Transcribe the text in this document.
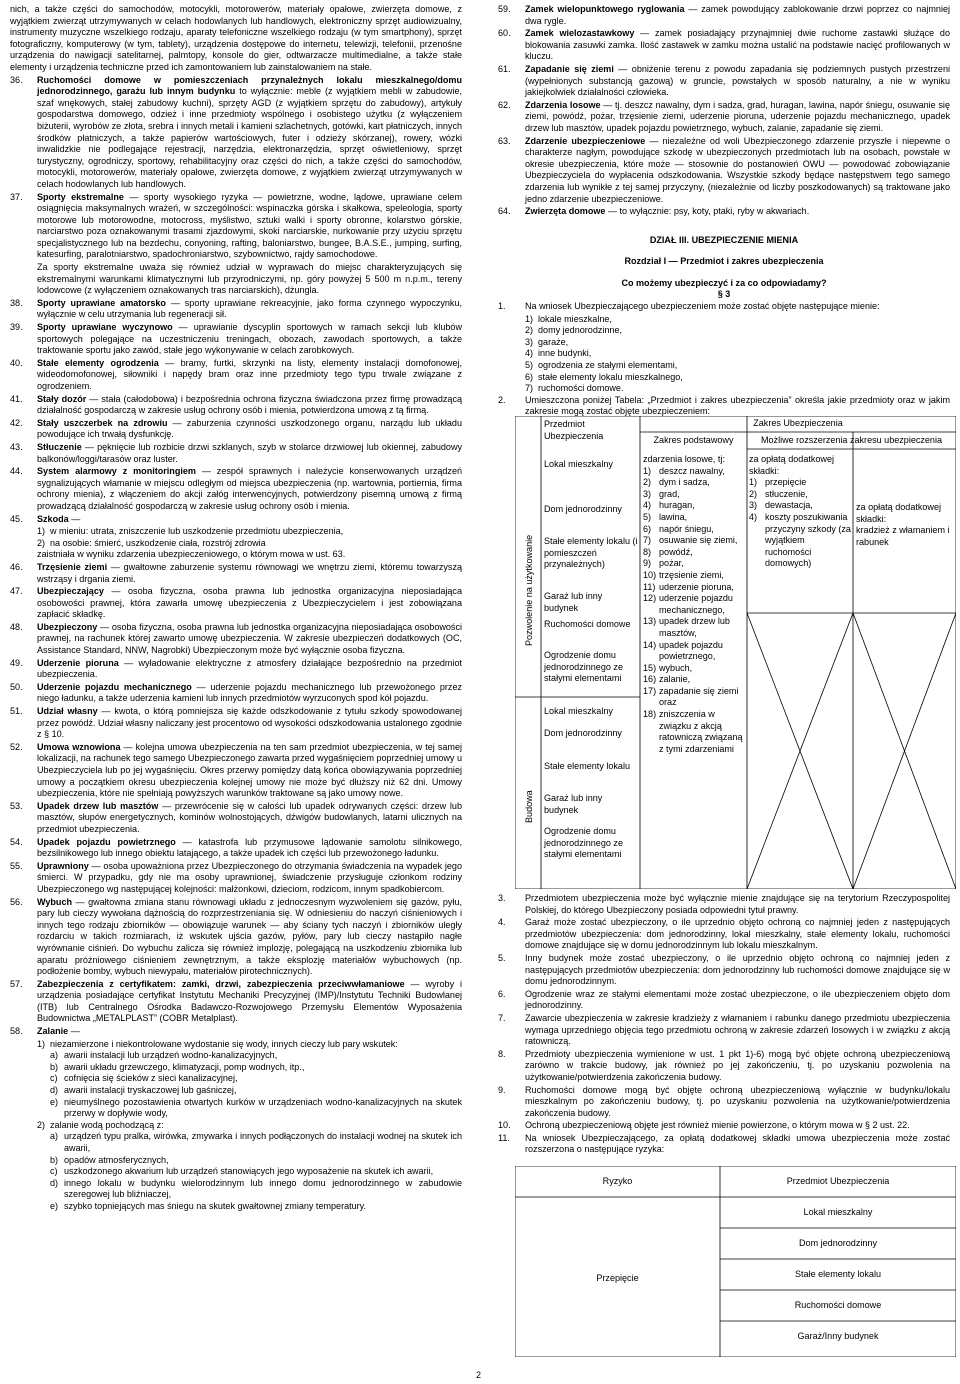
nich, a także części do samochodów, motocykli, motorowerów, materiały opałowe, zwierzęta domowe, z wyjątkiem zwierząt utrzymywanych w celach hodowlanych lub handlowych, elektroniczny sprzęt audiowizualny, instrumenty muzyczne wszelkiego rodzaju, aparaty telefoniczne wszelkiego rodzaju (w tym smartphony), sprzęt fotograficzny, komputerowy (w tym, tablety), urządzenia dostępowe do internetu, telewizji, telefonii, przenośne urządzenia do nawigacji satelitarnej, palmtopy, konsole do gier, odtwarzacze multimedialne, a także stałe elementy i urządzenia techniczne przed ich zamontowaniem lub zainstalowaniem na stałe.

36. Ruchomości domowe w pomieszczeniach przynależnych lokalu mieszkalnego/domu jednorodzinnego, garażu lub innym budynku to wyłącznie: meble (z wyjątkiem mebli w zabudowie, szaf wnękowych, stałej zabudowy kuchni), sprzęty AGD (z wyjątkiem sprzętu do zabudowy), artykuły gospodarstwa domowego, odzież i inne przedmioty wspólnego i osobistego użytku (z wyłączeniem biżuterii, wyrobów ze złota, srebra i innych metali i kamieni szlachetnych, gotówki, kart płatniczych, innych środków płatniczych, a także papierów wartościowych, futer i odzieży skórzanej), rowery, wózki inwalidzkie nie podlegające rejestracji, narzędzia, elektronarzędzia, sprzęt oświetleniowy, sprzęt turystyczny, ogrodniczy, sportowy, rehabilitacyjny oraz części do nich, a także części do samochodów, motocykli, motorowerów, materiały opałowe, zwierzęta domowe, z wyjątkiem zwierząt utrzymywanych w celach hodowlanych lub handlowych.

37. Sporty ekstremalne — sporty wysokiego ryzyka — powietrzne, wodne, lądowe, uprawiane celem osiągnięcia maksymalnych wrażeń, w szczególności: wspinaczka górska i skałkowa, speleologia, sporty motorowe lub motorowodne, motocross, myślistwo, sztuki walki i sporty obronne, kolarstwo górskie, narciarstwo poza oznakowanymi trasami zjazdowymi, skoki narciarskie, nurkowanie przy użyciu sprzętu specjalistycznego lub na bezdechu, conyoning, rafting, baloniarstwo, bungee, B.A.S.E., jumping, surfing, katesurfing, paralotniarstwo, spadochroniarstwo, szybownictwo, rajdy samochodowe.

Za sporty ekstremalne uważa się również udział w wyprawach do miejsc charakteryzujących się ekstremalnymi warunkami klimatycznymi lub przyrodniczymi, np. góry powyżej 5 500 m n.p.m., tereny lodowcowe (z wyłączeniem oznakowanych tras narciarskich), dżungla.

38. Sporty uprawiane amatorsko — sporty uprawiane rekreacyjnie, jako forma czynnego wypoczynku, wyłącznie w celu utrzymania lub regeneracji sił.

39. Sporty uprawiane wyczynowo — uprawianie dyscyplin sportowych w ramach sekcji lub klubów sportowych polegające na uczestniczeniu treningach, obozach, zawodach sportowych, a także traktowanie sportu jako zawód, stałe jego wykonywanie w celach zarobkowych.

40. Stałe elementy ogrodzenia — bramy, furtki, skrzynki na listy, elementy instalacji domofonowej, wideodomofonowej, siłowniki i napędy bram oraz inne przedmioty tego typu trwale związane z ogrodzeniem.

41. Stały dozór — stała (całodobowa) i bezpośrednia ochrona fizyczna świadczona przez firmę prowadzącą działalność gospodarczą w zakresie usług ochrony osób i mienia, potwierdzona umową z tą firmą.

42. Stały uszczerbek na zdrowiu — zaburzenia czynności uszkodzonego organu, narządu lub układu powodujące ich trwałą dysfunkcję.

43. Stłuczenie — pęknięcie lub rozbicie drzwi szklanych, szyb w stolarce drzwiowej lub okiennej, zabudowy balkonów/loggi/tarasów oraz luster.

44. System alarmowy z monitoringiem — zespół sprawnych i należycie konserwowanych urządzeń sygnalizujących włamanie w miejscu odległym od miejsca ubezpieczenia (np. wartownia, portiernia, firma ochrony mienia), z włączeniem do akcji załóg interwencyjnych, potwierdzony pisemną umową z firmą prowadzącą działalność gospodarczą w zakresie usług ochrony osób i mienia.

45. Szkoda —

1) w mieniu: utrata, zniszczenie lub uszkodzenie przedmiotu ubezpieczenia,
2) na osobie: śmierć, uszkodzenie ciała, rozstrój zdrowia

zaistniała w wyniku zdarzenia ubezpieczeniowego, o którym mowa w ust. 63.

46. Trzęsienie ziemi — gwałtowne zaburzenie systemu równowagi we wnętrzu ziemi, któremu towarzyszą wstrząsy i drgania ziemi.

47. Ubezpieczający — osoba fizyczna, osoba prawna lub jednostka organizacyjna nieposiadająca osobowości prawnej, która zawarła umowę ubezpieczenia z Ubezpieczycielem i jest zobowiązana zapłacić składkę.

48. Ubezpieczony — osoba fizyczna, osoba prawna lub jednostka organizacyjna nieposiadająca osobowości prawnej, na rachunek której zawarto umowę ubezpieczenia. W zakresie ubezpieczeń dodatkowych (OC, Assistance Standard, NNW, Nagrobki) Ubezpieczonym może być wyłącznie osoba fizyczna.

49. Uderzenie pioruna — wyładowanie elektryczne z atmosfery działające bezpośrednio na przedmiot ubezpieczenia.

50. Uderzenie pojazdu mechanicznego — uderzenie pojazdu mechanicznego lub przewożonego przez niego ładunku, a także uderzenia kamieni lub innych przedmiotów wyrzuconych spod kół pojazdu.

51. Udział własny — kwota, o którą pomniejsza się każde odszkodowanie z tytułu szkody spowodowanej przez powódź. Udział własny naliczany jest procentowo od wysokości odszkodowania ustalonego zgodnie z § 10.

52. Umowa wznowiona — kolejna umowa ubezpieczenia na ten sam przedmiot ubezpieczenia, w tej samej lokalizacji, na rachunek tego samego Ubezpieczonego zawarta przed wygaśnięciem poprzedniej umowy u Ubezpieczyciela lub po jej wygaśnięciu. Okres przerwy pomiędzy datą końca obowiązywania poprzedniej umowy a początkiem okresu ubezpieczenia kolejnej umowy nie może być dłuższy niż 62 dni. Umowy ubezpieczenia, które nie spełniają powyższych warunków traktowane są jako umowy nowe.

53. Upadek drzew lub masztów — przewrócenie się w całości lub upadek odrywanych części: drzew lub masztów, słupów energetycznych, kominów wolnostojących, dźwigów budowlanych, latarni ulicznych na przedmiot ubezpieczenia.

54. Upadek pojazdu powietrznego — katastrofa lub przymusowe lądowanie samolotu silnikowego, bezsilnikowego lub innego obiektu latającego, a także upadek ich części lub przewożonego ładunku.

55. Uprawniony — osoba upoważniona przez Ubezpieczonego do otrzymania świadczenia na wypadek jego śmierci. W przypadku, gdy nie ma osoby uprawnionej, świadczenie przysługuje członkom rodziny Ubezpieczonego wg następującej kolejności: małżonkowi, dzieciom, rodzicom, innym spadkobiercom.

56. Wybuch — gwałtowna zmiana stanu równowagi układu z jednoczesnym wyzwoleniem się gazów, pyłu, pary lub cieczy wywołana dążnością do rozprzestrzeniania się. W odniesieniu do naczyń ciśnieniowych i innych tego rodzaju zbiorników — obowiązuje warunek — aby ściany tych naczyń i zbiorników uległy rozdarciu w takich rozmiarach, iż wskutek ujścia gazów, pyłów, pary lub cieczy nastąpiło nagłe wyrównanie ciśnień. Do wybuchu zalicza się również implozję, polegającą na uszkodzeniu zbiornika lub aparatu próżniowego ciśnieniem zewnętrznym, a także eksplozję materiałów wybuchowych (np. podłożenie bomby, wybuch niewypału, materiałów pirotechnicznych).

57. Zabezpieczenia z certyfikatem: zamki, drzwi, zabezpieczenia przeciwwłamaniowe — wyroby i urządzenia posiadające certyfikat Instytutu Mechaniki Precyzyjnej (IMP)/Instytutu Techniki Budowlanej (ITB) lub Centralnego Ośrodka Badawczo-Rozwojowego Przemysłu Elementów Wyposażenia Budownictwa „METALPLAST” (COBR Metalplast).

58. Zalanie —

1) niezamierzone i niekontrolowane wydostanie się wody, innych cieczy lub pary wskutek:
a) awarii instalacji lub urządzeń wodno-kanalizacyjnych,
b) awarii układu grzewczego, klimatyzacji, pomp wodnych, itp.,
c) cofnięcia się ścieków z sieci kanalizacyjnej,
d) awarii instalacji tryskaczowej lub gaśniczej,
e) nieumyślnego pozostawienia otwartych kurków w urządzeniach wodno-kanalizacyjnych na skutek przerwy w dopływie wody,
2) zalanie wodą pochodzącą z:
a) urządzeń typu pralka, wirówka, zmywarka i innych podłączonych do instalacji wodnej na skutek ich awarii,
b) opadów atmosferycznych,
c) uszkodzonego akwarium lub urządzeń stanowiących jego wyposażenie na skutek ich awarii,
d) innego lokalu w budynku wielorodzinnym lub innego domu jednorodzinnego w zabudowie szeregowej lub bliźniaczej,
e) szybko topniejących mas śniegu na skutek gwałtownej zmiany temperatury.
59. Zamek wielopunktowego ryglowania — zamek powodujący zablokowanie drzwi poprzez co najmniej dwa rygle.

60. Zamek wielozastawkowy — zamek posiadający przynajmniej dwie ruchome zastawki służące do blokowania zasuwki zamka. Ilość zastawek w zamku można ustalić na podstawie nacięć profilowanych w kluczu.

61. Zapadanie się ziemi — obniżenie terenu z powodu zapadania się podziemnych pustych przestrzeni (wypełnionych substancją gazową) w gruncie, powstałych w sposób naturalny, a nie w wyniku jakiejkolwiek działalności człowieka.

62. Zdarzenia losowe — tj. deszcz nawalny, dym i sadza, grad, huragan, lawina, napór śniegu, osuwanie się ziemi, powódź, pożar, trzęsienie ziemi, uderzenie pioruna, uderzenie pojazdu mechanicznego, upadek drzew lub masztów, upadek pojazdu powietrznego, wybuch, zalanie, zapadanie się ziemi.

63. Zdarzenie ubezpieczeniowe — niezależne od woli Ubezpieczonego zdarzenie przyszłe i niepewne o charakterze nagłym, powodujące szkodę w ubezpieczonych przedmiotach lub na osobach, powstałe w okresie ubezpieczenia, które może — stosownie do postanowień OWU — powodować zobowiązanie Ubezpieczyciela do wypłacenia odszkodowania. Wszystkie szkody będące następstwem tego samego zdarzenia lub wynikłe z tej samej przyczyny, (niezależnie od liczby poszkodowanych) są traktowane jako jedno zdarzenie ubezpieczeniowe.

64. Zwierzęta domowe — to wyłącznie: psy, koty, ptaki, ryby w akwariach.

DZIAŁ III. UBEZPIECZENIE MIENIA
Rozdział I — Przedmiot i zakres ubezpieczenia
Co możemy ubezpieczyć i za co odpowiadamy?
§ 3
1. Na wniosek Ubezpieczającego ubezpieczeniem może zostać objęte następujące mienie:

1) lokale mieszkalne,
2) domy jednorodzinne,
3) garaże,
4) inne budynki,
5) ogrodzenia ze stałymi elementami,
6) stałe elementy lokalu mieszkalnego,
7) ruchomości domowe.
2. Umieszczona poniżej Tabela: „Przedmiot i zakres ubezpieczenia” określa jakie przedmioty oraz w jakim zakresie mogą zostać objęte ubezpieczeniem:

Przedmiot Ubezpieczenia
Zakres Ubezpieczenia
Zakres podstawowy	Możliwe rozszerzenia zakresu ubezpieczenia
Pozwolenie na użytkowanie
Budowa
Lokal mieszkalny
Dom jednorodzinny
Stałe elementy lokalu (i pomieszczeń przynależnych)
Garaż lub inny budynek
Ruchomości domowe
Ogrodzenie domu jednorodzinnego ze stałymi elementami
Lokal mieszkalny
Dom jednorodzinny
Stałe elementy lokalu
Garaż lub inny budynek
Ogrodzenie domu jednorodzinnego ze stałymi elementami
zdarzenia losowe, tj:
1) deszcz nawalny,
2) dym i sadza,
3) grad,
4) huragan,
5) lawina,
6) napór śniegu,
7) osuwanie się ziemi,
8) powódź,
9) pożar,
10) trzęsienie ziemi,
11) uderzenie pioruna,
12) uderzenie pojazdu mechanicznego,
13) upadek drzew lub masztów,
14) upadek pojazdu powietrznego,
15) wybuch,
16) zalanie,
17) zapadanie się ziemi
oraz
18) zniszczenia w związku z akcją ratowniczą związaną z tymi zdarzeniami
za opłatą dodatkowej składki:
1) przepięcie
2) stłuczenie,
3) dewastacja,
4) koszty poszukiwania przyczyny szkody (za wyjątkiem ruchomości domowych)
za opłatą dodatkowej składki:
kradzież z włamaniem i rabunek
3. Przedmiotem ubezpieczenia może być wyłącznie mienie znajdujące się na terytorium Rzeczypospolitej Polskiej, do którego Ubezpieczony posiada odpowiedni tytuł prawny.

4. Garaż może zostać ubezpieczony, o ile uprzednio objęto ochroną co najmniej jeden z następujących przedmiotów ubezpieczenia: dom jednorodzinny, lokal mieszkalny, stałe elementy lokalu, ruchomości domowe znajdujące się w domu jednorodzinnym lub lokalu mieszkalnym.

5. Inny budynek może zostać ubezpieczony, o ile uprzednio objęto ochroną co najmniej jeden z następujących przedmiotów ubezpieczenia: dom jednorodzinny lub ruchomości domowe znajdujące się w domu jednorodzinnym.

6. Ogrodzenie wraz ze stałymi elementami może zostać ubezpieczone, o ile ubezpieczeniem objęto dom jednorodzinny.

7. Zawarcie ubezpieczenia w zakresie kradzieży z włamaniem i rabunku danego przedmiotu ubezpieczenia wymaga uprzedniego objęcia tego przedmiotu ochroną w zakresie zdarzeń losowych i w związku z akcją ratowniczą.

8. Przedmioty ubezpieczenia wymienione w ust. 1 pkt 1)-6) mogą być objęte ochroną ubezpieczeniową zarówno w trakcie budowy, jak również po jej zakończeniu, tj. po uzyskaniu pozwolenia na użytkowanie/potwierdzenia zakończenia budowy.

9. Ruchomości domowe mogą być objęte ochroną ubezpieczeniową wyłącznie w budynku/lokalu mieszkalnym po zakończeniu budowy, tj. po uzyskaniu pozwolenia na użytkowanie/potwierdzenia zakończenia budowy.

10. Ochroną ubezpieczeniową objęte jest również mienie powierzone, o którym mowa w § 2 ust. 22.

11. Na wniosek Ubezpieczającego, za opłatą dodatkowej składki umowa ubezpieczenia może zostać rozszerzona o następujące ryzyka:

Ryzyko	Przedmiot Ubezpieczenia
Przepięcie
Lokal mieszkalny
Dom jednorodzinny
Stałe elementy lokalu
Ruchomości domowe
Garaż/Inny budynek
2
